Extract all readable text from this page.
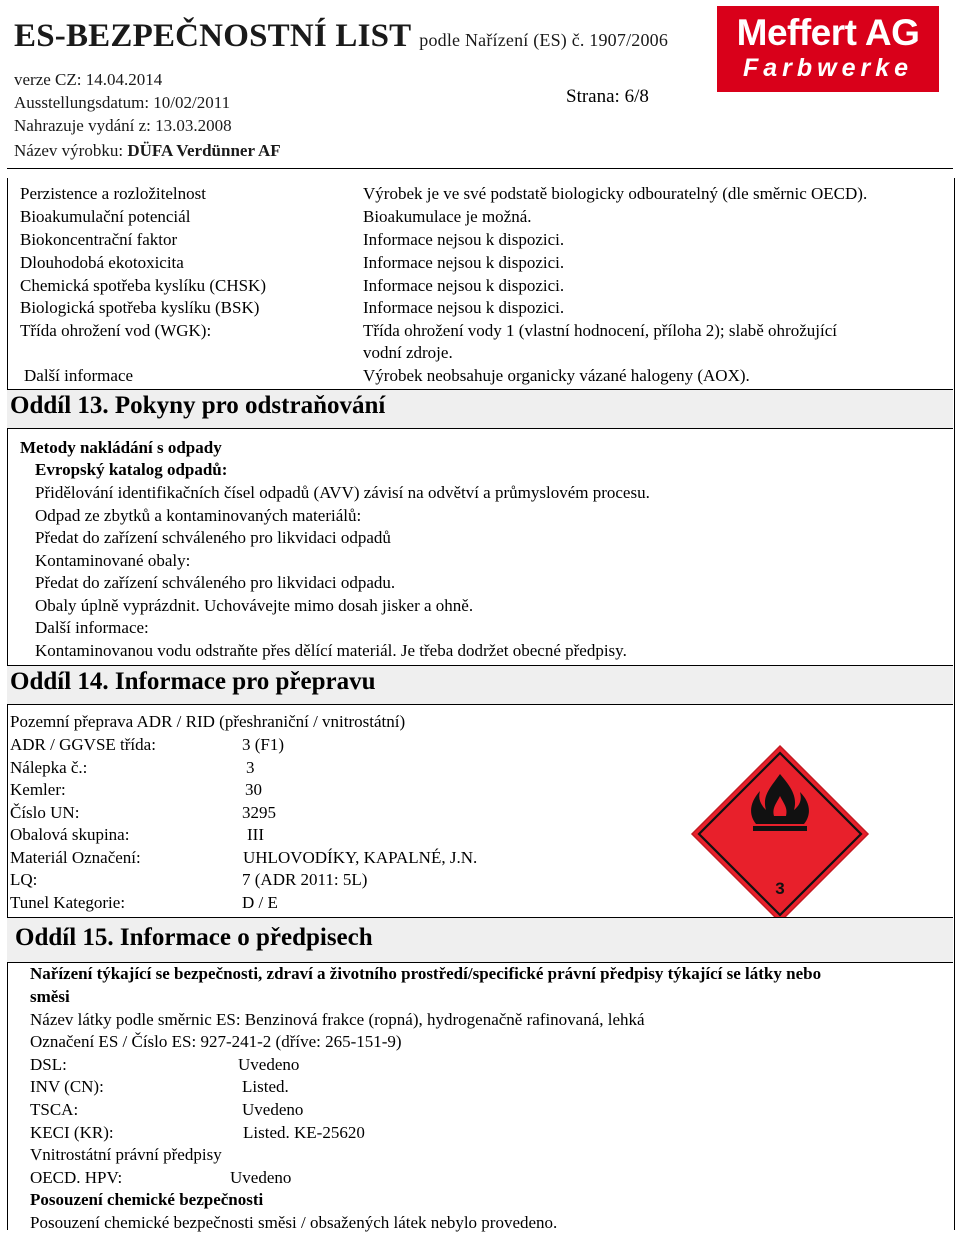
ES-BEZPEČNOSTNÍ LIST podle Nařízení (ES) č. 1907/2006
verze CZ: 14.04.2014
Ausstellungsdatum: 10/02/2011
Nahrazuje vydání z: 13.03.2008
Název výrobku: DÜFA Verdünner AF
Strana: 6/8
Meffert AG
Farbwerke
Perzistence a rozložitelnost	Výrobek je ve své podstatě biologicky odbouratelný (dle směrnic OECD).
Bioakumulační potenciál	Bioakumulace je možná.
Biokoncentrační faktor	Informace nejsou k dispozici.
Dlouhodobá ekotoxicita	Informace nejsou k dispozici.
Chemická spotřeba kyslíku (CHSK)	Informace nejsou k dispozici.
Biologická spotřeba kyslíku (BSK)	Informace nejsou k dispozici.
Třída ohrožení vod (WGK):	Třída ohrožení vody 1 (vlastní hodnocení, příloha 2); slabě ohrožující
vodní zdroje.
Další informace	Výrobek neobsahuje organicky vázané halogeny (AOX).
Oddíl 13. Pokyny pro odstraňování
Metody nakládání s odpady
Evropský katalog odpadů:
Přidělování identifikačních čísel odpadů (AVV) závisí na odvětví a průmyslovém procesu.
Odpad ze zbytků a kontaminovaných materiálů:
Předat do zařízení schváleného pro likvidaci odpadů
Kontaminované obaly:
Předat do zařízení schváleného pro likvidaci odpadu.
Obaly úplně vyprázdnit. Uchovávejte mimo dosah jisker a ohně.
Další informace:
Kontaminovanou vodu odstraňte přes dělící materiál. Je třeba dodržet obecné předpisy.
Oddíl 14. Informace pro přepravu
Pozemní přeprava ADR / RID (přeshraniční / vnitrostátní)
ADR / GGVSE třída:	3 (F1)
Nálepka č.:	3
Kemler:	30
Číslo UN:	3295
Obalová skupina:	III
Materiál Označení:	UHLOVODÍKY, KAPALNÉ, J.N.
LQ:	7 (ADR 2011: 5L)
Tunel Kategorie:	D / E
3
Oddíl 15. Informace o předpisech
Nařízení týkající se bezpečnosti, zdraví a životního prostředí/specifické právní předpisy týkající se látky nebo
směsi
Název látky podle směrnic ES: Benzinová frakce (ropná), hydrogenačně rafinovaná, lehká
Označení ES / Číslo ES: 927-241-2 (dříve: 265-151-9)
DSL:	Uvedeno
INV (CN):	Listed.
TSCA:	Uvedeno
KECI (KR):	Listed. KE-25620
Vnitrostátní právní předpisy
OECD. HPV:	Uvedeno
Posouzení chemické bezpečnosti
Posouzení chemické bezpečnosti směsi / obsažených látek nebylo provedeno.
